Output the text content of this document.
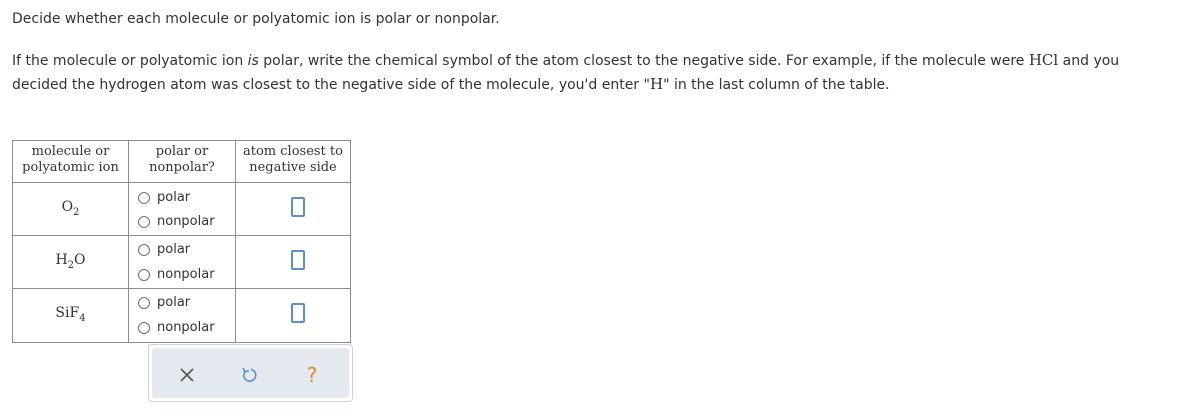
Decide whether each molecule or polyatomic ion is polar or nonpolar.
If the molecule or polyatomic ion is polar, write the chemical symbol of the atom closest to the negative side. For example, if the molecule were HCl and you
decided the hydrogen atom was closest to the negative side of the molecule, you'd enter "H" in the last column of the table.
molecule or
polyatomic ion
polar or
nonpolar?
atom closest to
negative side
$O_2$
polar
nonpolar
$H_2O$
polar
nonpolar
SiF$_4$
polar
nonpolar
?
